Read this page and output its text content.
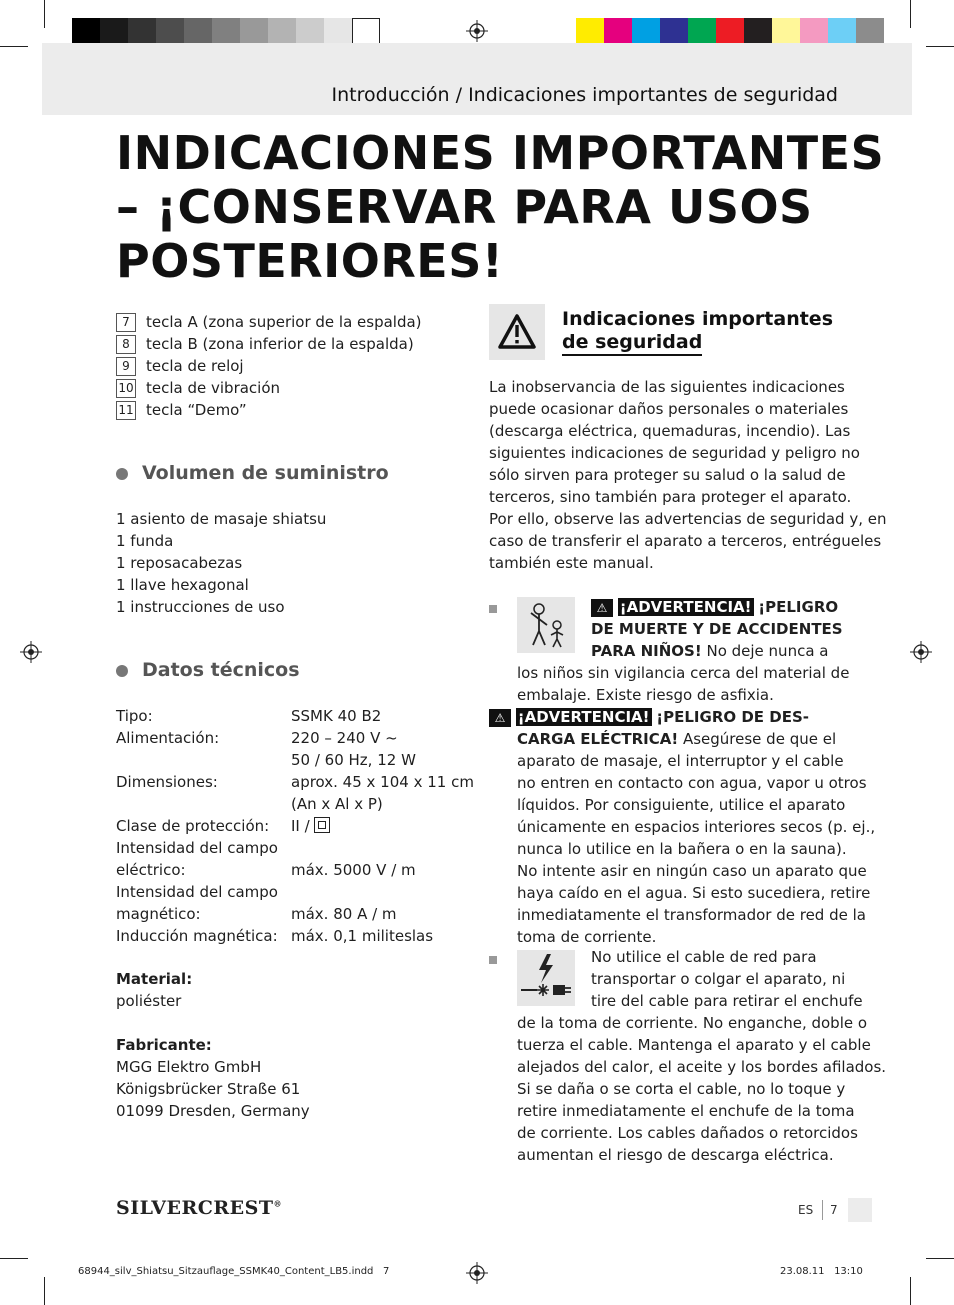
Introducción / Indicaciones importantes de seguridad
INDICACIONES IMPORTANTES – ¡CONSERVAR PARA USOS POSTERIORES!
7 tecla A (zona superior de la espalda)
8 tecla B (zona inferior de la espalda)
9 tecla de reloj
10 tecla de vibración
11 tecla “Demo”
Volumen de suministro
1 asiento de masaje shiatsu
1 funda
1 reposacabezas
1 llave hexagonal
1 instrucciones de uso
Datos técnicos
Tipo:	SSMK 40 B2
Alimentación:	220 – 240 V ~
50 / 60 Hz, 12 W
Dimensiones:	aprox. 45 x 104 x 11 cm
(An x Al x P)
Clase de protección: II /
Intensidad del campo
eléctrico:	máx. 5000 V / m
Intensidad del campo
magnético:	máx. 80 A / m
Inducción magnética: máx. 0,1 militeslas
Material:
poliéster
Fabricante:
MGG Elektro GmbH
Königsbrücker Straße 61
01099 Dresden, Germany
Indicaciones importantes
de seguridad
La inobservancia de las siguientes indicaciones
puede ocasionar daños personales o materiales
(descarga eléctrica, quemaduras, incendio). Las
siguientes indicaciones de seguridad y peligro no
sólo sirven para proteger su salud o la salud de
terceros, sino también para proteger el aparato.
Por ello, observe las advertencias de seguridad y, en
caso de transferir el aparato a terceros, entrégueles
también este manual.
⚠ ¡ADVERTENCIA! ¡PELIGRO
DE MUERTE Y DE ACCIDENTES
PARA NIÑOS! No deje nunca a
los niños sin vigilancia cerca del material de
embalaje. Existe riesgo de asfixia.
⚠ ¡ADVERTENCIA! ¡PELIGRO DE DES-
CARGA ELÉCTRICA! Asegúrese de que el
aparato de masaje, el interruptor y el cable
no entren en contacto con agua, vapor u otros
líquidos. Por consiguiente, utilice el aparato
únicamente en espacios interiores secos (p. ej.,
nunca lo utilice en la bañera o en la sauna).
No intente asir en ningún caso un aparato que
haya caído en el agua. Si esto sucediera, retire
inmediatamente el transformador de red de la
toma de corriente.
No utilice el cable de red para
transportar o colgar el aparato, ni
tire del cable para retirar el enchufe
de la toma de corriente. No enganche, doble o
tuerza el cable. Mantenga el aparato y el cable
alejados del calor, el aceite y los bordes afilados.
Si se daña o se corta el cable, no lo toque y
retire inmediatamente el enchufe de la toma
de corriente. Los cables dañados o retorcidos
aumentan el riesgo de descarga eléctrica.
SILVERCREST®	ES 7
68944_silv_Shiatsu_Sitzauflage_SSMK40_Content_LB5.indd   7	23.08.11   13:10
